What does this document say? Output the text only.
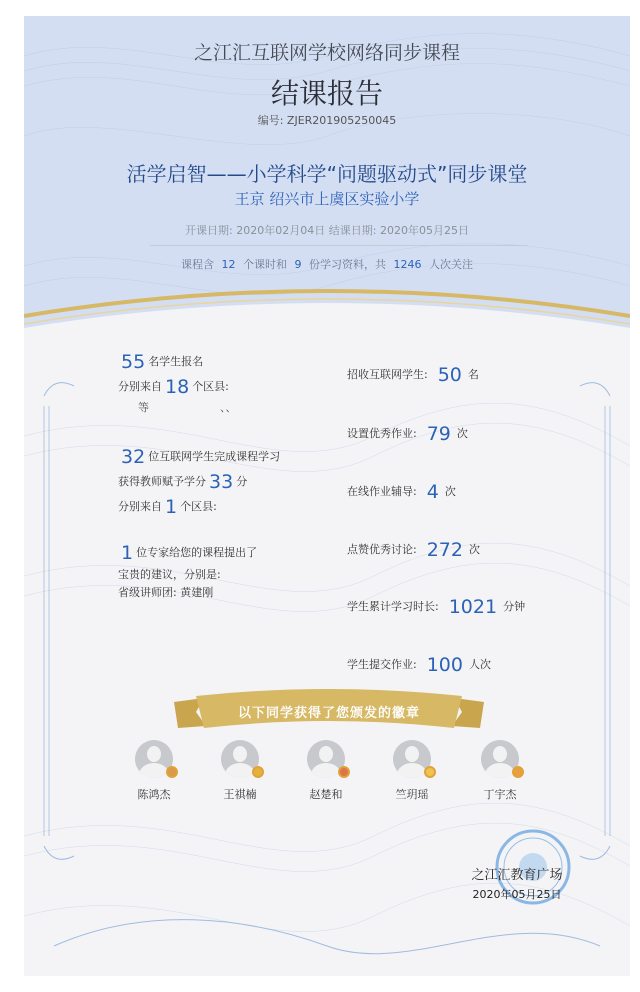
之江汇互联网学校网络同步课程
结课报告
编号: ZJER201905250045
活学启智——小学科学“问题驱动式”同步课堂
王京 绍兴市上虞区实验小学
开课日期: 2020年02月04日 结课日期: 2020年05月25日
课程含 12 个课时和 9 份学习资料，共 1246 人次关注
55 名学生报名
分别来自 18 个区县:
等	、、
32 位互联网学生完成课程学习
获得教师赋予学分 33 分
分别来自 1 个区县:
1 位专家给您的课程提出了
宝贵的建议，分别是:
省级讲师团: 黄建刚
招收互联网学生: 50 名
设置优秀作业: 79 次
在线作业辅导: 4 次
点赞优秀讨论: 272 次
学生累计学习时长: 1021 分钟
学生提交作业: 100 人次
以下同学获得了您颁发的徽章
陈鸿杰	王祺楠	赵楚和	竺玥瑶	丁宇杰
之江汇教育广场
2020年05月25日
